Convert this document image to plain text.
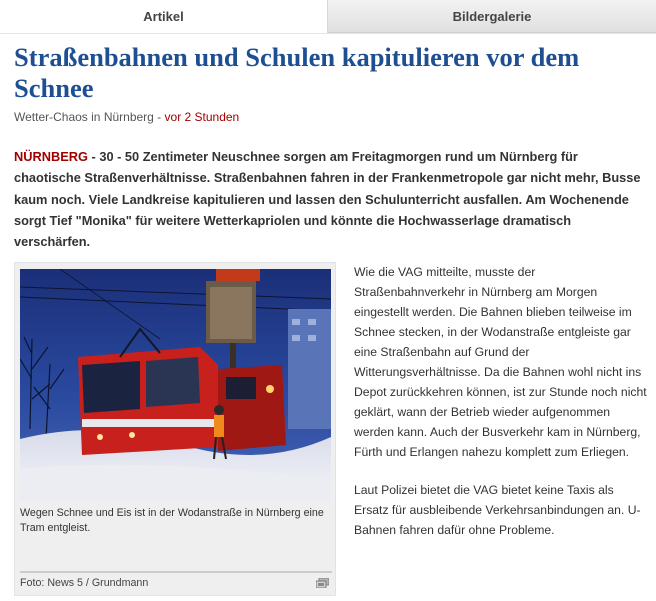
Artikel	Bildergalerie
Straßenbahnen und Schulen kapitulieren vor dem Schnee
Wetter-Chaos in Nürnberg - vor 2 Stunden
NÜRNBERG - 30 - 50 Zentimeter Neuschnee sorgen am Freitagmorgen rund um Nürnberg für chaotische Straßenverhältnisse. Straßenbahnen fahren in der Frankenmetropole gar nicht mehr, Busse kaum noch. Viele Landkreise kapitulieren und lassen den Schulunterricht ausfallen. Am Wochenende sorgt Tief "Monika" für weitere Wetterkapriolen und könnte die Hochwasserlage dramatisch verschärfen.
Wegen Schnee und Eis ist in der Wodanstraße in Nürnberg eine Tram entgleist.
Foto: News 5 / Grundmann

Wie die VAG mitteilte, musste der Straßenbahnverkehr in Nürnberg am Morgen eingestellt werden. Die Bahnen blieben teilweise im Schnee stecken, in der Wodanstraße entgleiste gar eine Straßenbahn auf Grund der Witterungsverhältnisse. Da die Bahnen wohl nicht ins Depot zurückkehren können, ist zur Stunde noch nicht geklärt, wann der Betrieb wieder aufgenommen werden kann. Auch der Busverkehr kam in Nürnberg, Fürth und Erlangen nahezu komplett zum Erliegen.

Laut Polizei bietet die VAG bietet keine Taxis als Ersatz für ausbleibende Verkehrsanbindungen an. U-Bahnen fahren dafür ohne Probleme.
